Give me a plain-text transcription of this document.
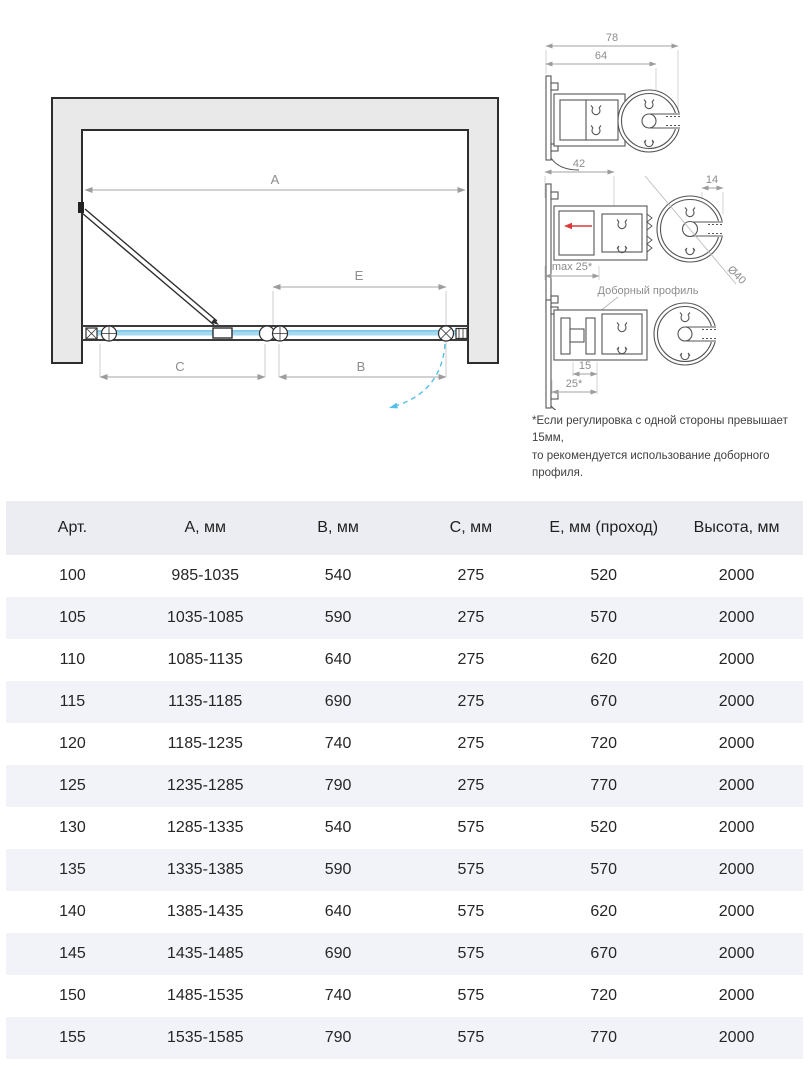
A
E
C	B
78
64
42
14
Ø40
max 25*
Доборный профиль
15
25*
*Если регулировка с одной стороны превышает 15мм,
то рекомендуется использование доборного профиля.
Арт.	А, мм	В, мм	С, мм	Е, мм (проход)	Высота, мм
100	985-1035	540	275	520	2000
105	1035-1085	590	275	570	2000
110	1085-1135	640	275	620	2000
115	1135-1185	690	275	670	2000
120	1185-1235	740	275	720	2000
125	1235-1285	790	275	770	2000
130	1285-1335	540	575	520	2000
135	1335-1385	590	575	570	2000
140	1385-1435	640	575	620	2000
145	1435-1485	690	575	670	2000
150	1485-1535	740	575	720	2000
155	1535-1585	790	575	770	2000
